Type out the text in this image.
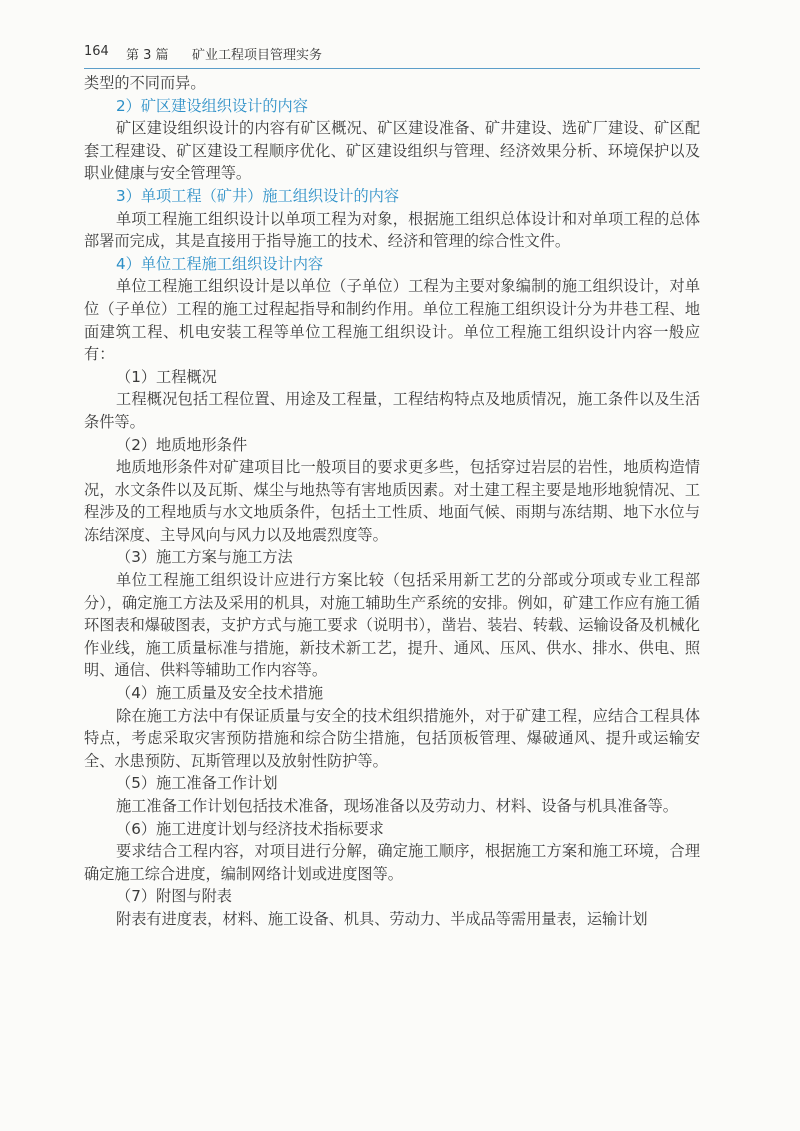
164 第 3 篇 矿业工程项目管理实务

类型的不同而异。

2）矿区建设组织设计的内容

矿区建设组织设计的内容有矿区概况、矿区建设准备、矿井建设、选矿厂建设、矿区配套工程建设、矿区建设工程顺序优化、矿区建设组织与管理、经济效果分析、环境保护以及职业健康与安全管理等。

3）单项工程（矿井）施工组织设计的内容

单项工程施工组织设计以单项工程为对象，根据施工组织总体设计和对单项工程的总体部署而完成，其是直接用于指导施工的技术、经济和管理的综合性文件。

4）单位工程施工组织设计内容

单位工程施工组织设计是以单位（子单位）工程为主要对象编制的施工组织设计，对单位（子单位）工程的施工过程起指导和制约作用。单位工程施工组织设计分为井巷工程、地面建筑工程、机电安装工程等单位工程施工组织设计。单位工程施工组织设计内容一般应有：

（1）工程概况

工程概况包括工程位置、用途及工程量，工程结构特点及地质情况，施工条件以及生活条件等。

（2）地质地形条件

地质地形条件对矿建项目比一般项目的要求更多些，包括穿过岩层的岩性，地质构造情况，水文条件以及瓦斯、煤尘与地热等有害地质因素。对土建工程主要是地形地貌情况、工程涉及的工程地质与水文地质条件，包括土工性质、地面气候、雨期与冻结期、地下水位与冻结深度、主导风向与风力以及地震烈度等。

（3）施工方案与施工方法

单位工程施工组织设计应进行方案比较（包括采用新工艺的分部或分项或专业工程部分），确定施工方法及采用的机具，对施工辅助生产系统的安排。例如，矿建工作应有施工循环图表和爆破图表，支护方式与施工要求（说明书），凿岩、装岩、转载、运输设备及机械化作业线，施工质量标准与措施，新技术新工艺，提升、通风、压风、供水、排水、供电、照明、通信、供料等辅助工作内容等。

（4）施工质量及安全技术措施

除在施工方法中有保证质量与安全的技术组织措施外，对于矿建工程，应结合工程具体特点，考虑采取灾害预防措施和综合防尘措施，包括顶板管理、爆破通风、提升或运输安全、水患预防、瓦斯管理以及放射性防护等。

（5）施工准备工作计划

施工准备工作计划包括技术准备，现场准备以及劳动力、材料、设备与机具准备等。

（6）施工进度计划与经济技术指标要求

要求结合工程内容，对项目进行分解，确定施工顺序，根据施工方案和施工环境，合理确定施工综合进度，编制网络计划或进度图等。

（7）附图与附表

附表有进度表，材料、施工设备、机具、劳动力、半成品等需用量表，运输计划
